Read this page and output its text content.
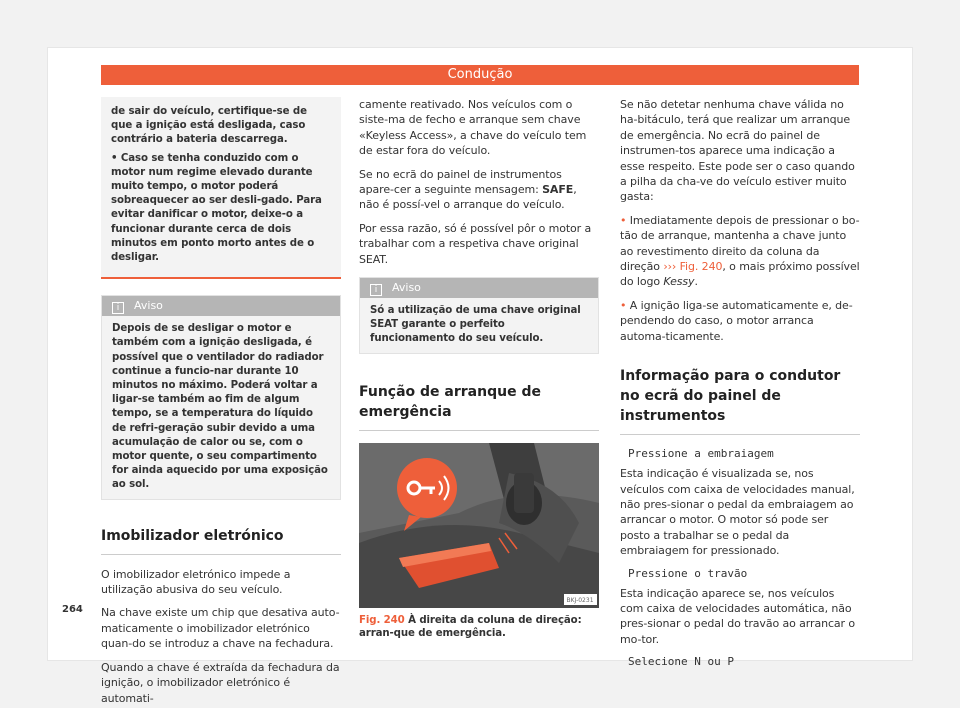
Condução

de sair do veículo, certifique-se de que a ignição está desligada, caso contrário a bateria descarrega.

• Caso se tenha conduzido com o motor num regime elevado durante muito tempo, o motor poderá sobreaquecer ao ser desli-gado. Para evitar danificar o motor, deixe-o a funcionar durante cerca de dois minutos em ponto morto antes de o desligar.

i Aviso

Depois de se desligar o motor e também com a ignição desligada, é possível que o ventilador do radiador continue a funcio-nar durante 10 minutos no máximo. Poderá voltar a ligar-se também ao fim de algum tempo, se a temperatura do líquido de refri-geração subir devido a uma acumulação de calor ou se, com o motor quente, o seu compartimento for ainda aquecido por uma exposição ao sol.

Imobilizador eletrónico

O imobilizador eletrónico impede a utilização abusiva do seu veículo.

Na chave existe um chip que desativa auto-maticamente o imobilizador eletrónico quan-do se introduz a chave na fechadura.

Quando a chave é extraída da fechadura da ignição, o imobilizador eletrónico é automati-

camente reativado. Nos veículos com o siste-ma de fecho e arranque sem chave «Keyless Access», a chave do veículo tem de estar fora do veículo.

Se no ecrã do painel de instrumentos apare-cer a seguinte mensagem: SAFE, não é possí-vel o arranque do veículo.

Por essa razão, só é possível pôr o motor a trabalhar com a respetiva chave original SEAT.

i Aviso

Só a utilização de uma chave original SEAT garante o perfeito funcionamento do seu veículo.

Função de arranque de emergência
BKJ-0231

Fig. 240 À direita da coluna de direção: arran-que de emergência.

Se não detetar nenhuma chave válida no ha-bitáculo, terá que realizar um arranque de emergência. No ecrã do painel de instrumen-tos aparece uma indicação a esse respeito. Este pode ser o caso quando a pilha da cha-ve do veículo estiver muito gasta:

• Imediatamente depois de pressionar o bo-tão de arranque, mantenha a chave junto ao revestimento direito da coluna da direção ››› Fig. 240, o mais próximo possível do logo Kessy.

• A ignição liga-se automaticamente e, de-pendendo do caso, o motor arranca automa-ticamente.

Informação para o condutor no ecrã do painel de instrumentos
Pressione a embraiagem

Esta indicação é visualizada se, nos veículos com caixa de velocidades manual, não pres-sionar o pedal da embraiagem ao arrancar o motor. O motor só pode ser posto a trabalhar se o pedal da embraiagem for pressionado.

Pressione o travão

Esta indicação aparece se, nos veículos com caixa de velocidades automática, não pres-sionar o pedal do travão ao arrancar o mo-tor.

Selecione N ou P
264
